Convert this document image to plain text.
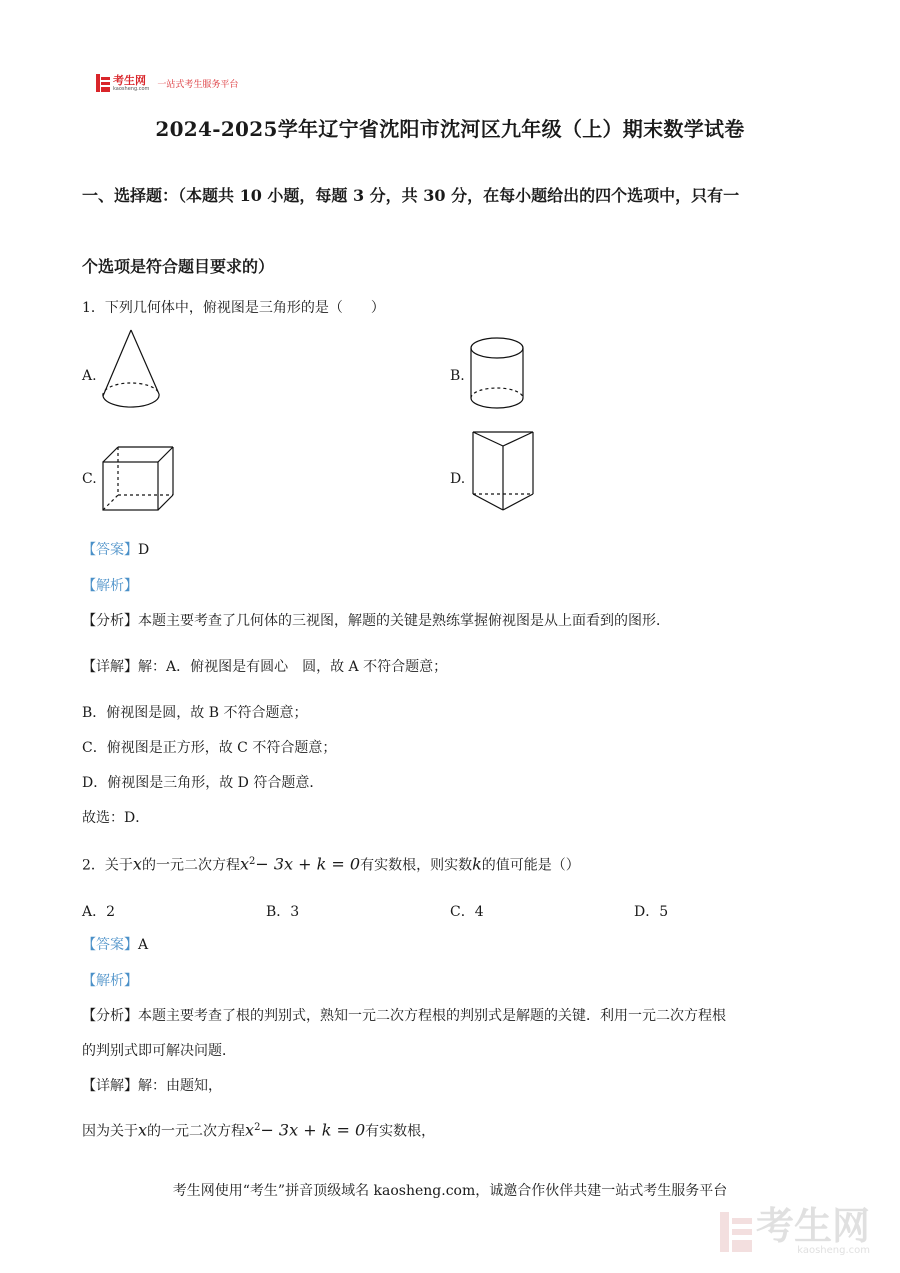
考生网
kaosheng.com 一站式考生服务平台
2024-2025学年辽宁省沈阳市沈河区九年级（上）期末数学试卷
一、选择题：（本题共 10 小题，每题 3 分，共 30 分，在每小题给出的四个选项中，只有一
个选项是符合题目要求的）
1．下列几何体中，俯视图是三角形的是（　　）
A.	B.
C.	D.
【答案】D
【解析】
【分析】本题主要考查了几何体的三视图，解题的关键是熟练掌握俯视图是从上面看到的图形．
【详解】解：A．俯视图是有圆心　圆，故 A 不符合题意；
B．俯视图是圆，故 B 不符合题意；
C．俯视图是正方形，故 C 不符合题意；
D．俯视图是三角形，故 D 符合题意．
故选：D．
2．关于x的一元二次方程$x^2- 3x + k = 0$有实数根，则实数k的值可能是（）
A．2	B．3	C．4	D．5
【答案】A
【解析】
【分析】本题主要考查了根的判别式，熟知一元二次方程根的判别式是解题的关键．利用一元二次方程根
的判别式即可解决问题．
【详解】解：由题知，
因为关于x的一元二次方程$x^2- 3x + k = 0$有实数根，
考生网使用“考生”拼音顶级域名 kaosheng.com，诚邀合作伙伴共建一站式考生服务平台
考生网
kaosheng.com
